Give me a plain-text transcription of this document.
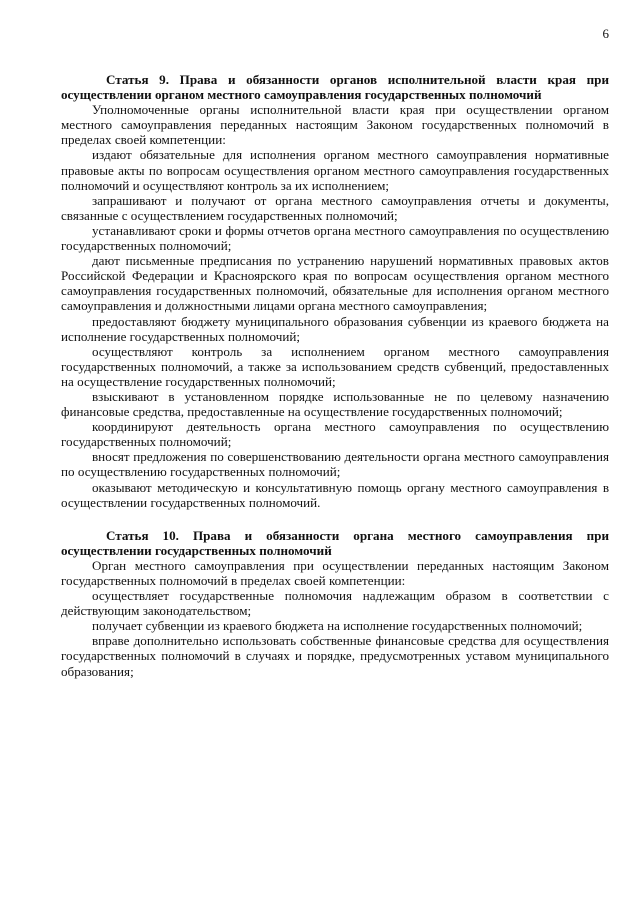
6

Статья 9. Права и обязанности органов исполнительной власти края при осуществлении органом местного самоуправления государственных полномочий

Уполномоченные органы исполнительной власти края при осуществлении органом местного самоуправления переданных настоящим Законом государственных полномочий в пределах своей компетенции:

издают обязательные для исполнения органом местного самоуправления нормативные правовые акты по вопросам осуществления органом местного самоуправления государственных полномочий и осуществляют контроль за их исполнением;

запрашивают и получают от органа местного самоуправления отчеты и документы, связанные с осуществлением государственных полномочий;

устанавливают сроки и формы отчетов органа местного самоуправления по осуществлению государственных полномочий;

дают письменные предписания по устранению нарушений нормативных правовых актов Российской Федерации и Красноярского края по вопросам осуществления органом местного самоуправления государственных полномочий, обязательные для исполнения органом местного самоуправления и должностными лицами органа местного самоуправления;

предоставляют бюджету муниципального образования субвенции из краевого бюджета на исполнение государственных полномочий;

осуществляют контроль за исполнением органом местного самоуправления государственных полномочий, а также за использованием средств субвенций, предоставленных на осуществление государственных полномочий;

взыскивают в установленном порядке использованные не по целевому назначению финансовые средства, предоставленные на осуществление государственных полномочий;

координируют деятельность органа местного самоуправления по осуществлению государственных полномочий;

вносят предложения по совершенствованию деятельности органа местного самоуправления по осуществлению государственных полномочий;

оказывают методическую и консультативную помощь органу местного самоуправления в осуществлении государственных полномочий.

Статья 10. Права и обязанности органа местного самоуправления при осуществлении государственных полномочий

Орган местного самоуправления при осуществлении переданных настоящим Законом государственных полномочий в пределах своей компетенции:

осуществляет государственные полномочия надлежащим образом в соответствии с действующим законодательством;

получает субвенции из краевого бюджета на исполнение государственных полномочий;

вправе дополнительно использовать собственные финансовые средства для осуществления государственных полномочий в случаях и порядке, предусмотренных уставом муниципального образования;
